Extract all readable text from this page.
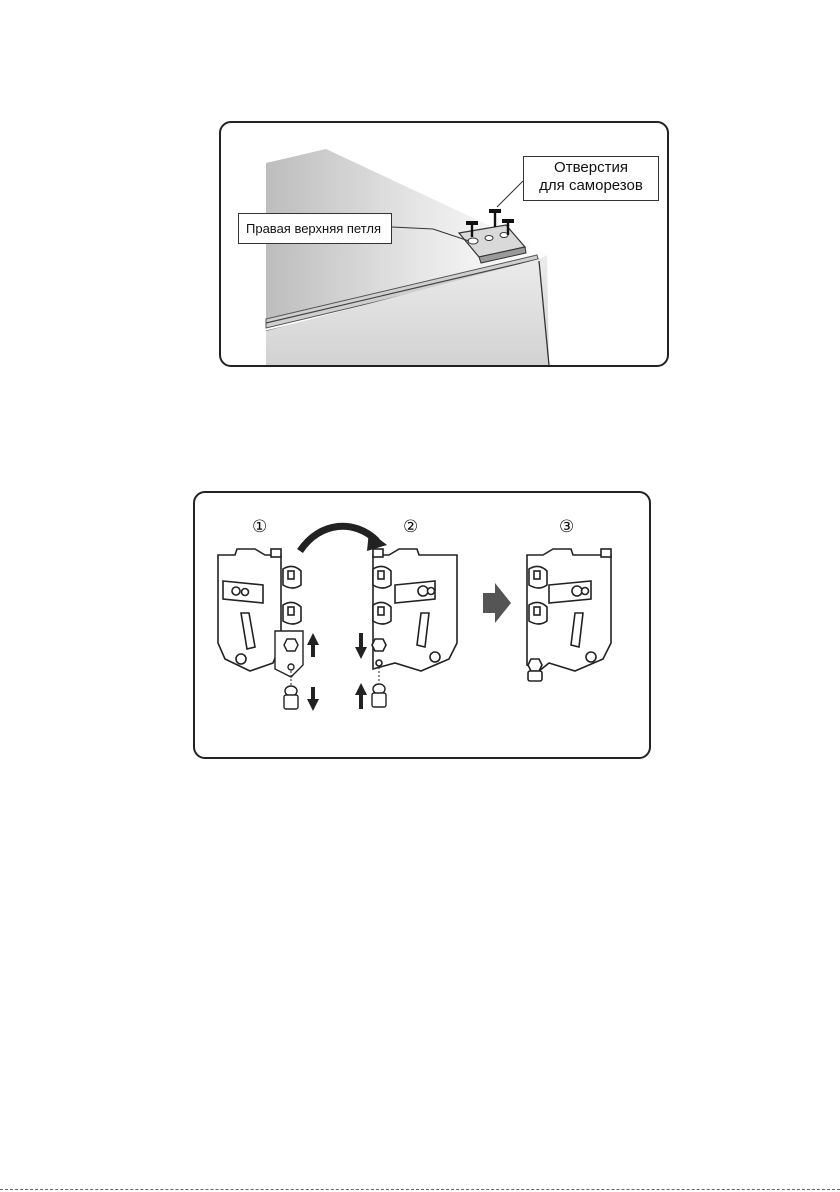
Отверстия
для саморезов
Правая верхняя петля
①	②	③
